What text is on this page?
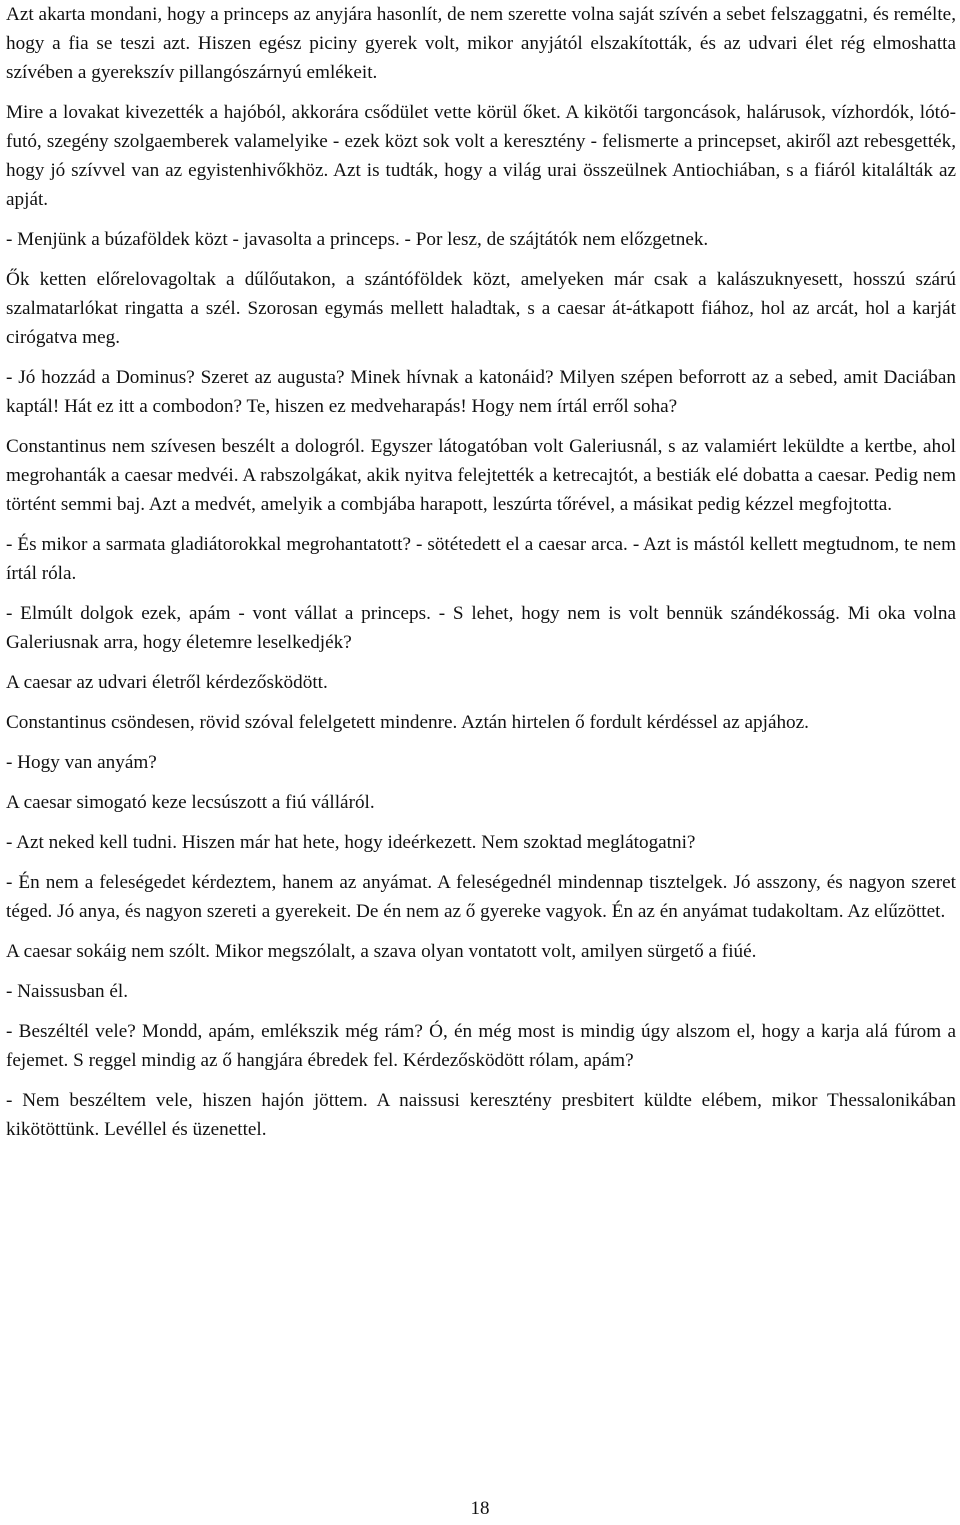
Azt akarta mondani, hogy a princeps az anyjára hasonlít, de nem szerette volna saját szívén a sebet felszaggatni, és remélte, hogy a fia se teszi azt. Hiszen egész piciny gyerek volt, mikor anyjától elszakították, és az udvari élet rég elmoshatta szívében a gyerekszív pillangószárnyú emlékeit.

Mire a lovakat kivezették a hajóból, akkorára csődület vette körül őket. A kikötői targoncások, halárusok, vízhordók, lótó-futó, szegény szolgaemberek valamelyike - ezek közt sok volt a keresztény - felismerte a princepset, akiről azt rebesgették, hogy jó szívvel van az egyistenhivőkhöz. Azt is tudták, hogy a világ urai összeülnek Antiochiában, s a fiáról kitalálták az apját.

- Menjünk a búzaföldek közt - javasolta a princeps. - Por lesz, de szájtátók nem előzgetnek.

Ők ketten előrelovagoltak a dűlőutakon, a szántóföldek közt, amelyeken már csak a kalászuknyesett, hosszú szárú szalmatarlókat ringatta a szél. Szorosan egymás mellett haladtak, s a caesar át-átkapott fiához, hol az arcát, hol a karját cirógatva meg.

- Jó hozzád a Dominus? Szeret az augusta? Minek hívnak a katonáid? Milyen szépen beforrott az a sebed, amit Daciában kaptál! Hát ez itt a combodon? Te, hiszen ez medveharapás! Hogy nem írtál erről soha?

Constantinus nem szívesen beszélt a dologról. Egyszer látogatóban volt Galeriusnál, s az valamiért leküldte a kertbe, ahol megrohanták a caesar medvéi. A rabszolgákat, akik nyitva felejtették a ketrecajtót, a bestiák elé dobatta a caesar. Pedig nem történt semmi baj. Azt a medvét, amelyik a combjába harapott, leszúrta tőrével, a másikat pedig kézzel megfojtotta.

- És mikor a sarmata gladiátorokkal megrohantatott? - sötétedett el a caesar arca. - Azt is mástól kellett megtudnom, te nem írtál róla.

- Elmúlt dolgok ezek, apám - vont vállat a princeps. - S lehet, hogy nem is volt bennük szándékosság. Mi oka volna Galeriusnak arra, hogy életemre leselkedjék?

A caesar az udvari életről kérdezősködött.

Constantinus csöndesen, rövid szóval felelgetett mindenre. Aztán hirtelen ő fordult kérdéssel az apjához.

- Hogy van anyám?

A caesar simogató keze lecsúszott a fiú válláról.

- Azt neked kell tudni. Hiszen már hat hete, hogy ideérkezett. Nem szoktad meglátogatni?

- Én nem a feleségedet kérdeztem, hanem az anyámat. A feleségednél mindennap tisztelgek. Jó asszony, és nagyon szeret téged. Jó anya, és nagyon szereti a gyerekeit. De én nem az ő gyereke vagyok. Én az én anyámat tudakoltam. Az elűzöttet.

A caesar sokáig nem szólt. Mikor megszólalt, a szava olyan vontatott volt, amilyen sürgető a fiúé.

- Naissusban él.

- Beszéltél vele? Mondd, apám, emlékszik még rám? Ó, én még most is mindig úgy alszom el, hogy a karja alá fúrom a fejemet. S reggel mindig az ő hangjára ébredek fel. Kérdezősködött rólam, apám?

- Nem beszéltem vele, hiszen hajón jöttem. A naissusi keresztény presbitert küldte elébem, mikor Thessalonikában kikötöttünk. Levéllel és üzenettel.

18
